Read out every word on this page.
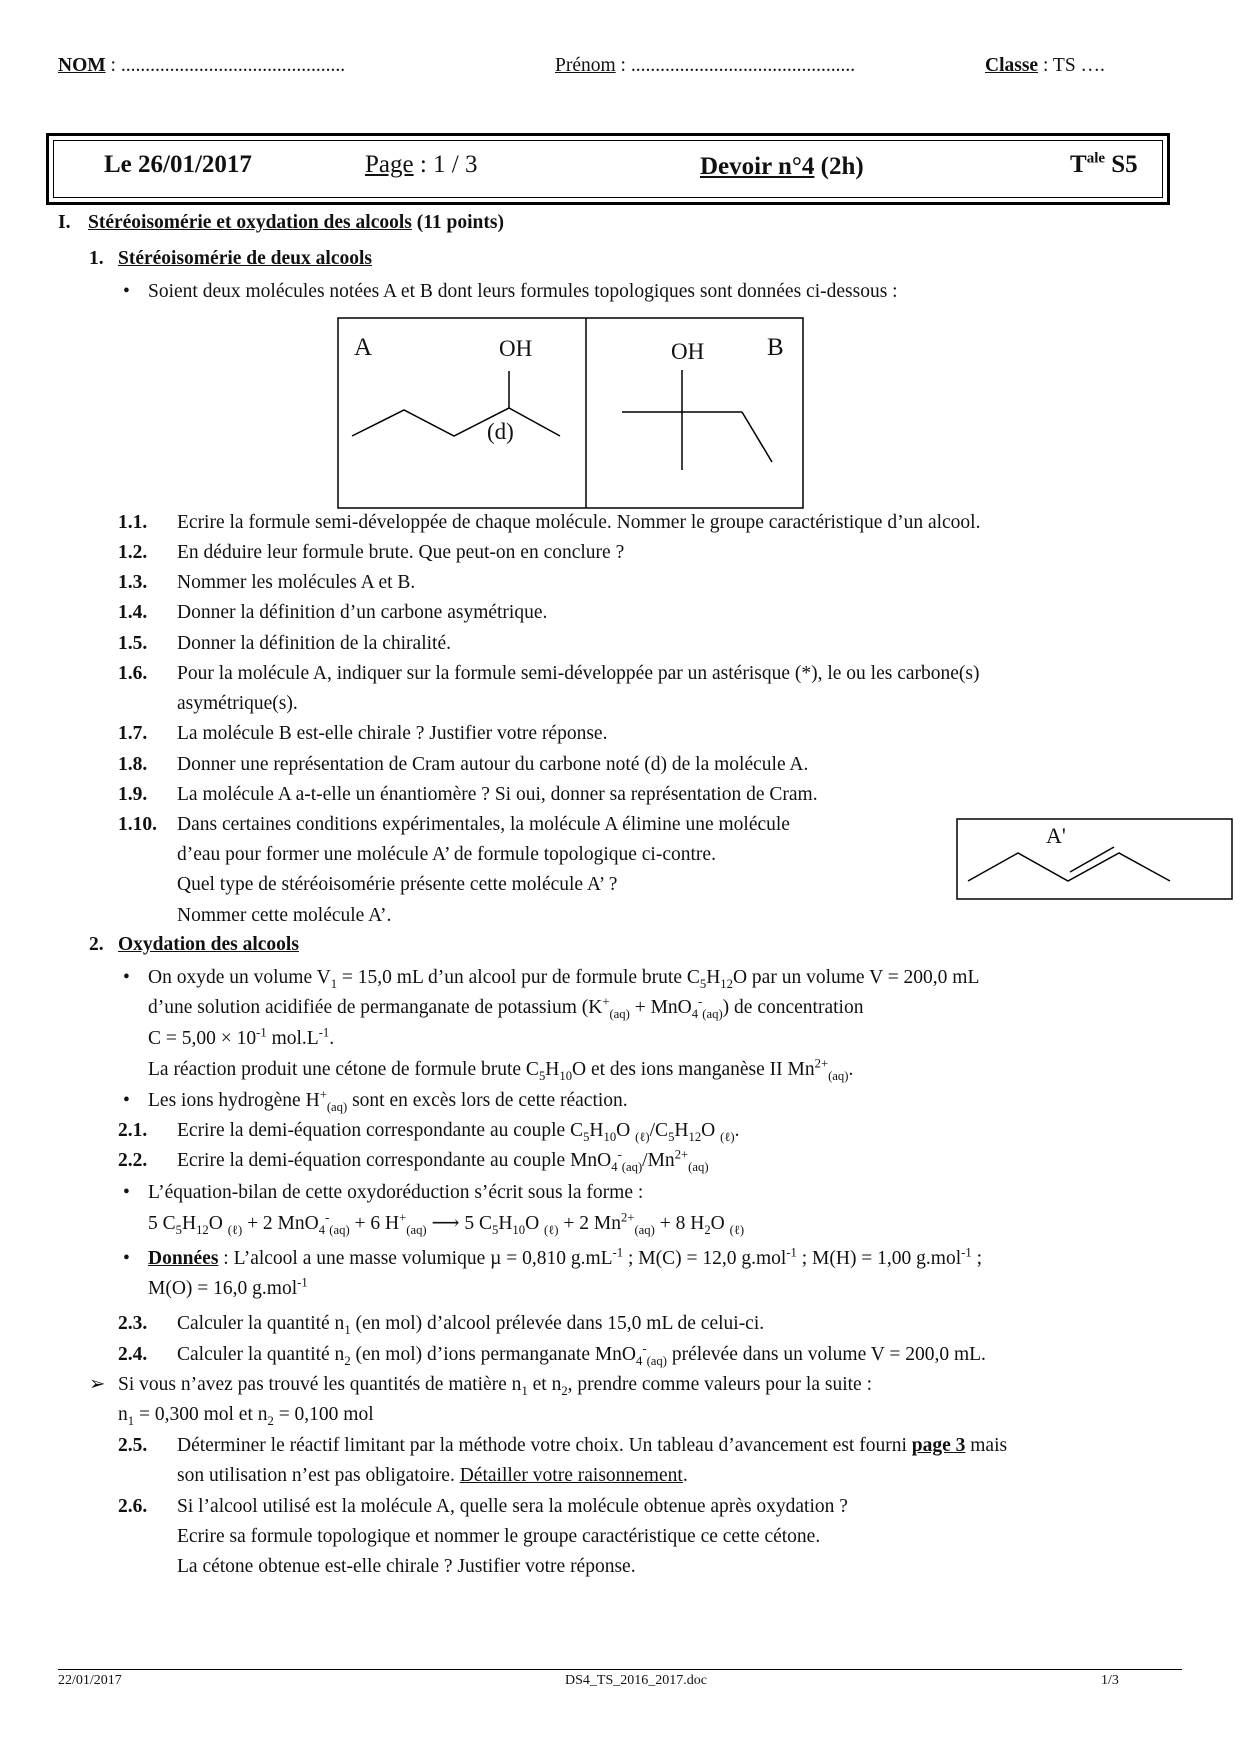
NOM : ..............................................	Prénom : ..............................................	Classe : TS ….
Le 26/01/2017	Page : 1 / 3	Devoir n°4 (2h)	$T^{ale}$ S5
I. Stéréoisomérie et oxydation des alcools (11 points)
1. Stéréoisomérie de deux alcools
• Soient deux molécules notées A et B dont leurs formules topologiques sont données ci-dessous :
A	OH
(d)
OH	B
A'
1.1. Ecrire la formule semi-développée de chaque molécule. Nommer le groupe caractéristique d’un alcool.
1.2. En déduire leur formule brute. Que peut-on en conclure ?
1.3. Nommer les molécules A et B.
1.4. Donner la définition d’un carbone asymétrique.
1.5. Donner la définition de la chiralité.
1.6. Pour la molécule A, indiquer sur la formule semi-développée par un astérisque (*), le ou les carbone(s)
asymétrique(s).
1.7. La molécule B est-elle chirale ? Justifier votre réponse.
1.8. Donner une représentation de Cram autour du carbone noté (d) de la molécule A.
1.9. La molécule A a-t-elle un énantiomère ? Si oui, donner sa représentation de Cram.
1.10. Dans certaines conditions expérimentales, la molécule A élimine une molécule
d’eau pour former une molécule A’ de formule topologique ci-contre.
Quel type de stéréoisomérie présente cette molécule A’ ?
Nommer cette molécule A’.
2. Oxydation des alcools
• On oxyde un volume $V_1 = 15,0$ mL d’un alcool pur de formule brute $C_5H_{12}O$ par un volume V = 200,0 mL
d’une solution acidifiée de permanganate de potassium $(K^+_{(aq)} + MnO_4^-_{(aq)})$ de concentration
$C = 5,00 \times 10^{-1}$ $mol.L^{-1}$.
La réaction produit une cétone de formule brute $C_5H_{10}O$ et des ions manganèse II $Mn^{2+}_{(aq)}$.
• Les ions hydrogène $H^+_{(aq)}$ sont en excès lors de cette réaction.
2.1. Ecrire la demi-équation correspondante au couple $C_5H_{10}O$ $_{(\ell)}/C_5H_{12}O$ $_{(\ell)}$.
2.2. Ecrire la demi-équation correspondante au couple $MnO_4^-_{(aq)}/Mn^{2+}_{(aq)}$
• L’équation-bilan de cette oxydoréduction s’écrit sous la forme :
5 $C_5H_{12}O$ $_{(\ell)}$ + 2 MnO$_4$-$_{(aq)}$ + 6 $H^+_{(aq)}$ ⟶ 5 $C_5H_{10}O$ $_{(\ell)}$ + 2 $Mn^{2+}_{(aq)} + 8$ $H_2O$ $_{(\ell)}$
• Données : L’alcool a une masse volumique µ = 0,810 $g.mL^{-1}$ ; M(C) = 12,0 g.mol$^{-1}$ ; M(H) = 1,00 g.mol$^{-1}$ ;
M(O) = 16,0 g.mol$^{-1}$
2.3. Calculer la quantité $n_1$ (en mol) d’alcool prélevée dans 15,0 mL de celui-ci.
2.4. Calculer la quantité $n_2$ (en mol) d’ions permanganate MnO$_4$-$_{(aq)}$ prélevée dans un volume V = 200,0 mL.
➢ Si vous n’avez pas trouvé les quantités de matière $n_1$ et $n_2$, prendre comme valeurs pour la suite :
$n_1 = 0,300$ mol et $n_2 = 0,100$ mol
2.5. Déterminer le réactif limitant par la méthode votre choix. Un tableau d’avancement est fourni page 3 mais
son utilisation n’est pas obligatoire. Détailler votre raisonnement.
2.6. Si l’alcool utilisé est la molécule A, quelle sera la molécule obtenue après oxydation ?
Ecrire sa formule topologique et nommer le groupe caractéristique ce cette cétone.
La cétone obtenue est-elle chirale ? Justifier votre réponse.
22/01/2017	DS4_TS_2016_2017.doc	1/3
